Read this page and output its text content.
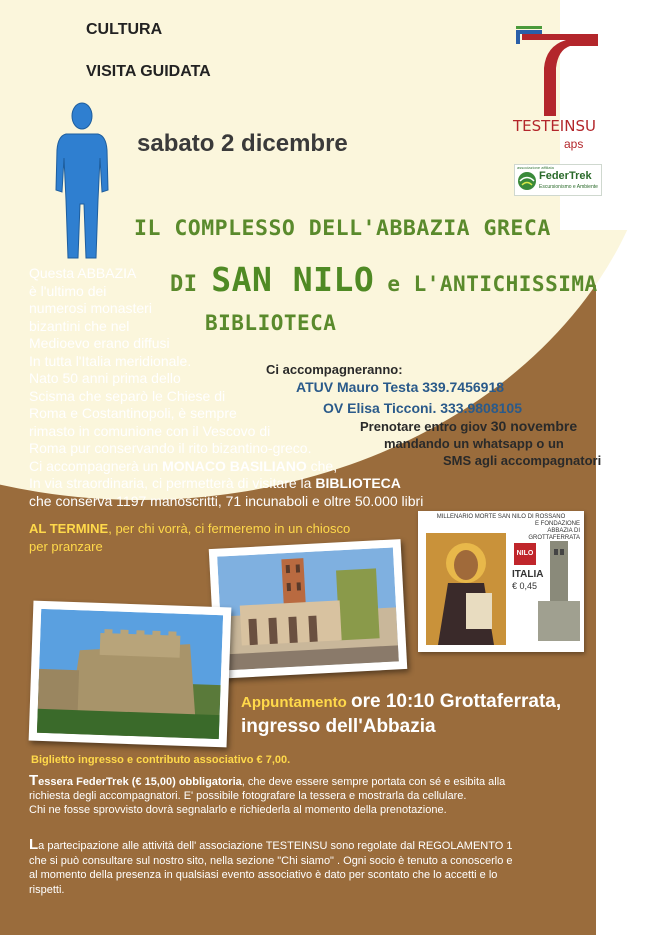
CULTURA
VISITA GUIDATA
sabato 2 dicembre
TESTEINSU
aps
associazione affiliata
FederTrek
Escursionismo e Ambiente
IL COMPLESSO DELL'ABBAZIA GRECA
DI SAN NILO e L'ANTICHISSIMA
BIBLIOTECA
Questa ABBAZIA
è l'ultimo dei
numerosi monasteri
bizantini che nel
Medioevo erano diffusi
In tutta l'Italia meridionale.
Nato 50 anni prima dello
Scisma che separò le Chiese di
Roma e Costantinopoli, è sempre
rimasto in comunione con il Vescovo di
Roma pur conservando il rito bizantino-greco.
Ci accompagnerà un MONACO BASILIANO che,
In via straordinaria, ci permetterà di visitare la BIBLIOTECA
che conserva 1197 manoscritti, 71 incunaboli e oltre 50.000 libri
Ci accompagneranno:
ATUV Mauro Testa 339.7456918
OV Elisa Ticconi. 333.9808105
Prenotare entro giov 30 novembre
mandando un whatsapp o un
SMS agli accompagnatori
AL TERMINE, per chi vorrà, ci fermeremo in un chiosco
per pranzare
MILLENARIO MORTE SAN NILO DI ROSSANO
E FONDAZIONE
ABBAZIA DI
GROTTAFERRATA
NILO
ITALIA
€ 0,45
Appuntamento ore 10:10 Grottaferrata,
ingresso dell'Abbazia
Biglietto ingresso e contributo associativo € 7,00.
Tessera FederTrek (€ 15,00) obbligatoria, che deve essere sempre portata con sé e esibita alla
richiesta degli accompagnatori. E' possibile fotografare la tessera e mostrarla da cellulare.
Chi ne fosse sprovvisto dovrà segnalarlo e richiederla al momento della prenotazione.
La partecipazione alle attività dell' associazione TESTEINSU sono regolate dal REGOLAMENTO 1
che si può consultare sul nostro sito, nella sezione "Chi siamo" . Ogni socio è tenuto a conoscerlo e
al momento della presenza in qualsiasi evento associativo è dato per scontato che lo accetti e lo
rispetti.
